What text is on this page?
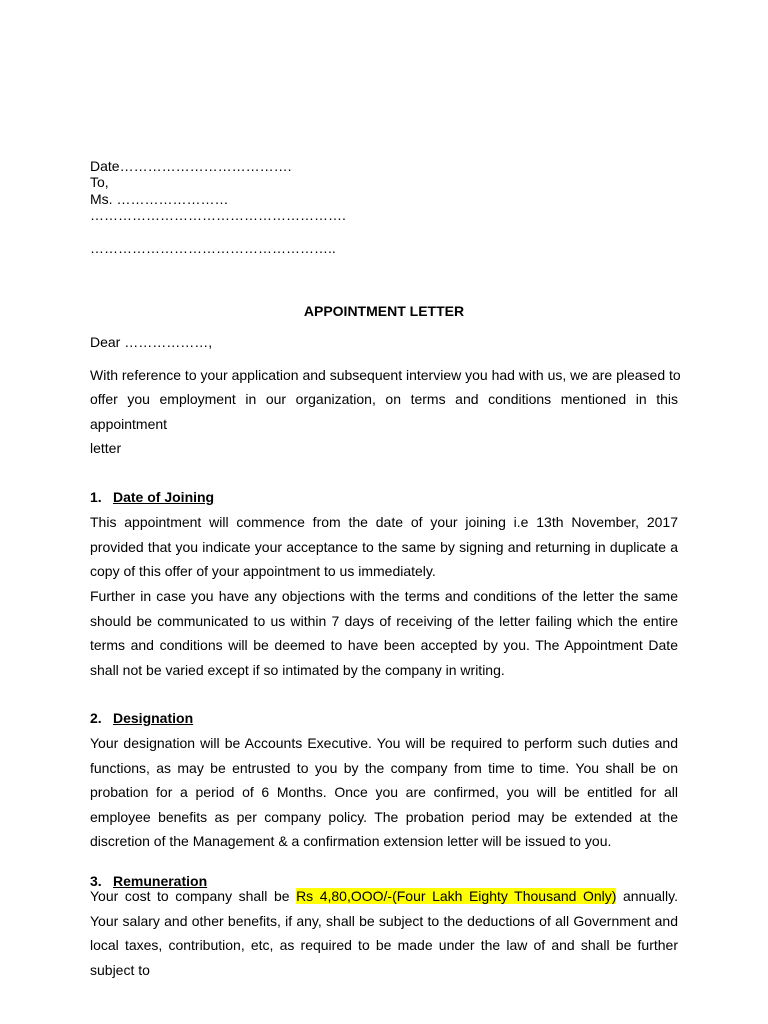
Date……………………………….
To,
Ms. ……………………
……………………………………………….
……………………………………………..
APPOINTMENT LETTER
Dear ………………,

With reference to your application and subsequent interview you had with us, we are pleased to

offer you employment in our organization, on terms and conditions mentioned in this

appointment

letter

1. Date of Joining

This appointment will commence from the date of your joining i.e 13th November, 2017 provided that you indicate your acceptance to the same by signing and returning in duplicate a copy of this offer of your appointment to us immediately.

Further in case you have any objections with the terms and conditions of the letter the same should be communicated to us within 7 days of receiving of the letter failing which the entire terms and conditions will be deemed to have been accepted by you. The Appointment Date shall not be varied except if so intimated by the company in writing.

2. Designation

Your designation will be Accounts Executive. You will be required to perform such duties and functions, as may be entrusted to you by the company from time to time. You shall be on probation for a period of 6 Months. Once you are confirmed, you will be entitled for all employee benefits as per company policy. The probation period may be extended at the discretion of the Management & a confirmation extension letter will be issued to you.

3. Remuneration

Your cost to company shall be Rs 4,80,OOO/-(Four Lakh Eighty Thousand Only) annually. Your salary and other benefits, if any, shall be subject to the deductions of all Government and local taxes, contribution, etc, as required to be made under the law of and shall be further subject to
